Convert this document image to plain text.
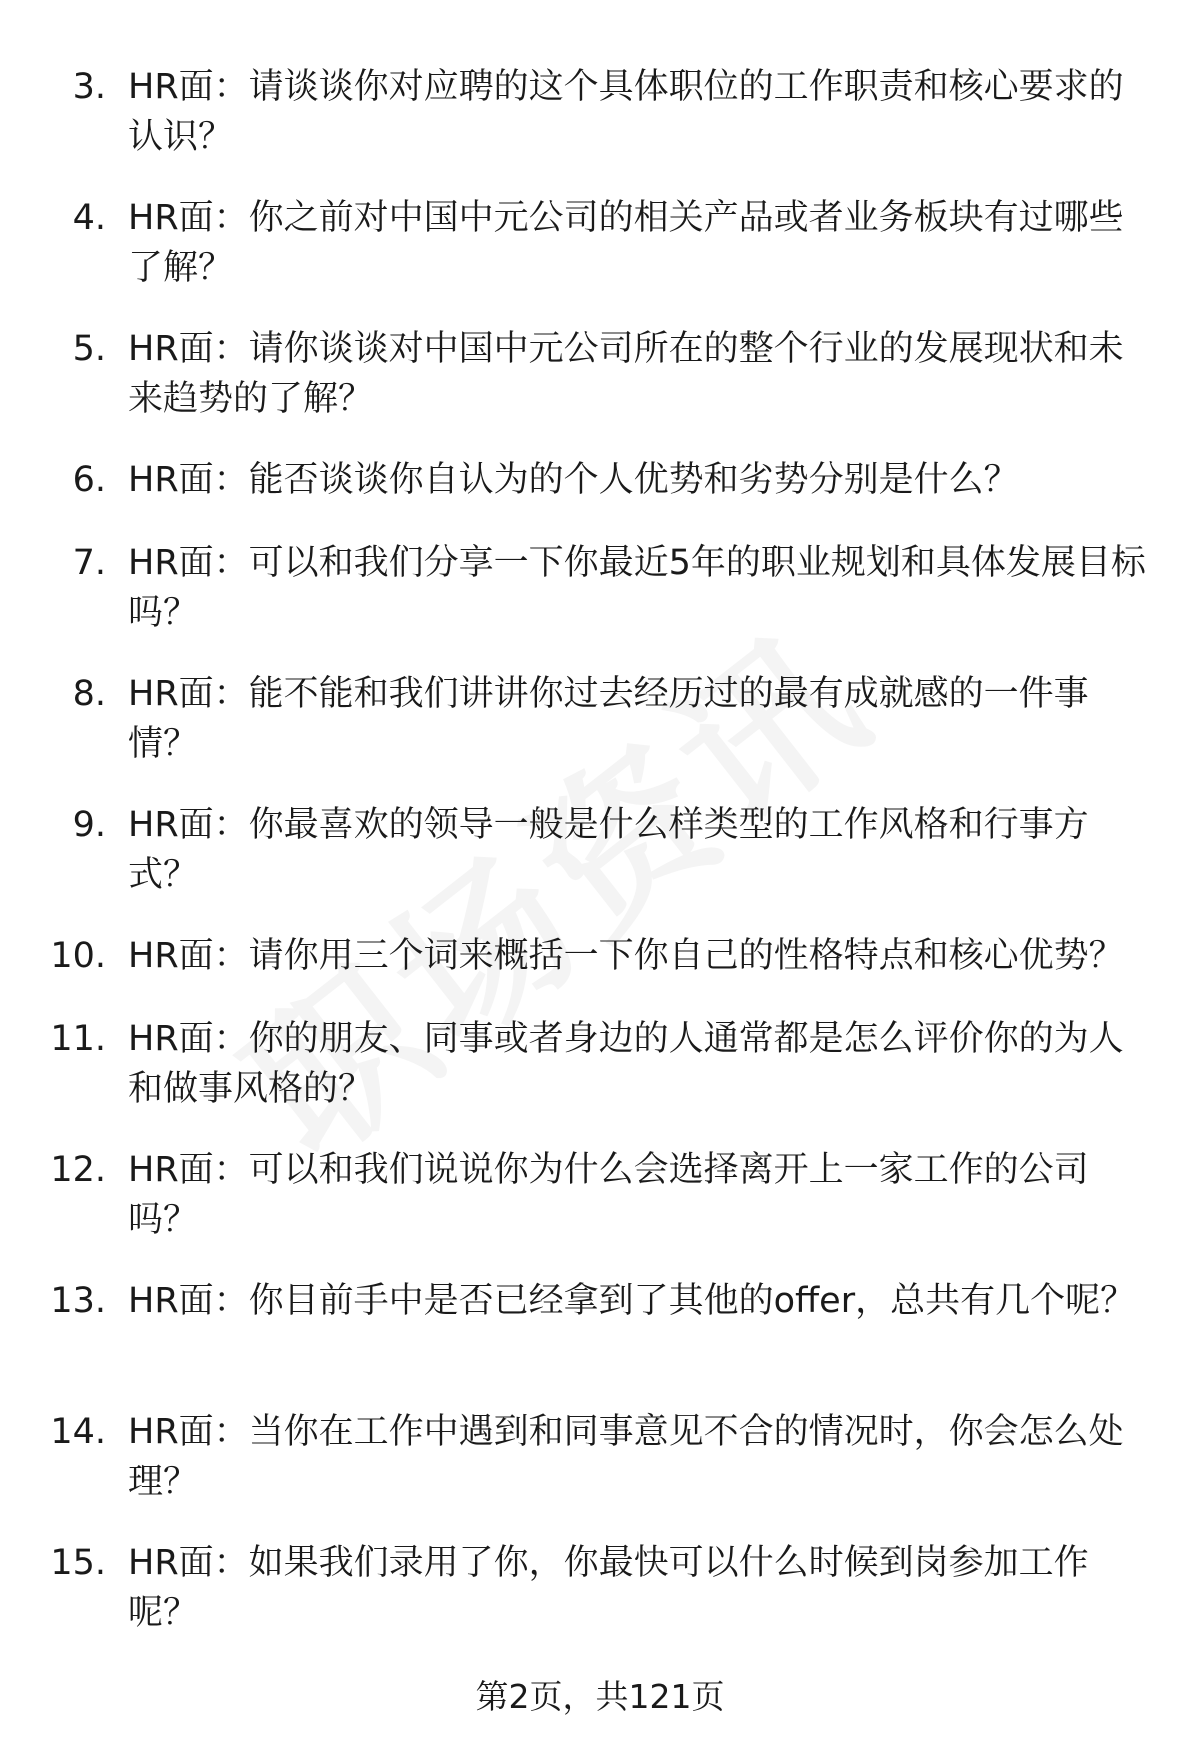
3. HR面：请谈谈你对应聘的这个具体职位的工作职责和核心要求的认识？
4. HR面：你之前对中国中元公司的相关产品或者业务板块有过哪些了解？
5. HR面：请你谈谈对中国中元公司所在的整个行业的发展现状和未来趋势的了解？
6. HR面：能否谈谈你自认为的个人优势和劣势分别是什么？
7. HR面：可以和我们分享一下你最近5年的职业规划和具体发展目标吗？
8. HR面：能不能和我们讲讲你过去经历过的最有成就感的一件事情？
9. HR面：你最喜欢的领导一般是什么样类型的工作风格和行事方式？
10. HR面：请你用三个词来概括一下你自己的性格特点和核心优势？
11. HR面：你的朋友、同事或者身边的人通常都是怎么评价你的为人和做事风格的？
12. HR面：可以和我们说说你为什么会选择离开上一家工作的公司吗？
13. HR面：你目前手中是否已经拿到了其他的offer，总共有几个呢？
14. HR面：当你在工作中遇到和同事意见不合的情况时，你会怎么处理？
15. HR面：如果我们录用了你，你最快可以什么时候到岗参加工作呢？
第2页，共121页
